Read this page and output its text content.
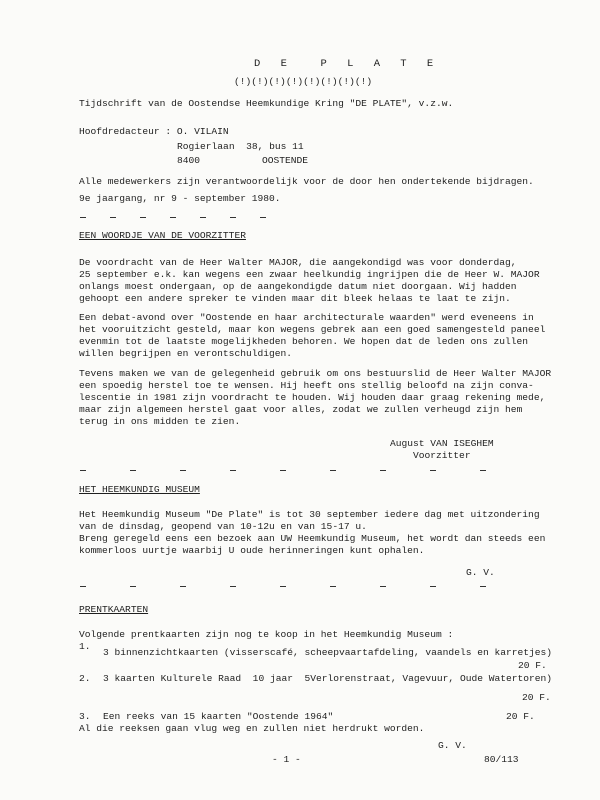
D E  P L A T E
(!)(!)(!)(!)(!)(!)(!)(!)
Tijdschrift van de Oostendse Heemkundige Kring "DE PLATE", v.z.w.
Hoofdredacteur : O. VILAIN
Rogierlaan  38, bus 11
8400	OOSTENDE
Alle medewerkers zijn verantwoordelijk voor de door hen ondertekende bijdragen.
9e jaargang, nr 9 - september 1980.
EEN WOORDJE VAN DE VOORZITTER
De voordracht van de Heer Walter MAJOR, die aangekondigd was voor donderdag,
25 september e.k. kan wegens een zwaar heelkundig ingrijpen die de Heer W. MAJOR
onlangs moest ondergaan, op de aangekondigde datum niet doorgaan. Wij hadden
gehoopt een andere spreker te vinden maar dit bleek helaas te laat te zijn.
Een debat-avond over "Oostende en haar architecturale waarden" werd eveneens in
het vooruitzicht gesteld, maar kon wegens gebrek aan een goed samengesteld paneel
evenmin tot de laatste mogelijkheden behoren. We hopen dat de leden ons zullen
willen begrijpen en verontschuldigen.
Tevens maken we van de gelegenheid gebruik om ons bestuurslid de Heer Walter MAJOR
een spoedig herstel toe te wensen. Hij heeft ons stellig beloofd na zijn conva-
lescentie in 1981 zijn voordracht te houden. Wij houden daar graag rekening mede,
maar zijn algemeen herstel gaat voor alles, zodat we zullen verheugd zijn hem
terug in ons midden te zien.
August VAN ISEGHEM
Voorzitter
HET HEEMKUNDIG MUSEUM
Het Heemkundig Museum "De Plate" is tot 30 september iedere dag met uitzondering
van de dinsdag, geopend van 10-12u en van 15-17 u.
Breng geregeld eens een bezoek aan UW Heemkundig Museum, het wordt dan steeds een
kommerloos uurtje waarbij U oude herinneringen kunt ophalen.
G. V.
PRENTKAARTEN
Volgende prentkaarten zijn nog te koop in het Heemkundig Museum :
1.
3 binnenzichtkaarten (visserscafé, scheepvaartafdeling, vaandels en karretjes)
20 F.
2. 3 kaarten Kulturele Raad  10 jaar  5Verlorenstraat, Vagevuur, Oude Watertoren)
20 F.
3. Een reeks van 15 kaarten "Oostende 1964"	20 F.
Al die reeksen gaan vlug weg en zullen niet herdrukt worden.
G. V.
- 1 -	80/113
